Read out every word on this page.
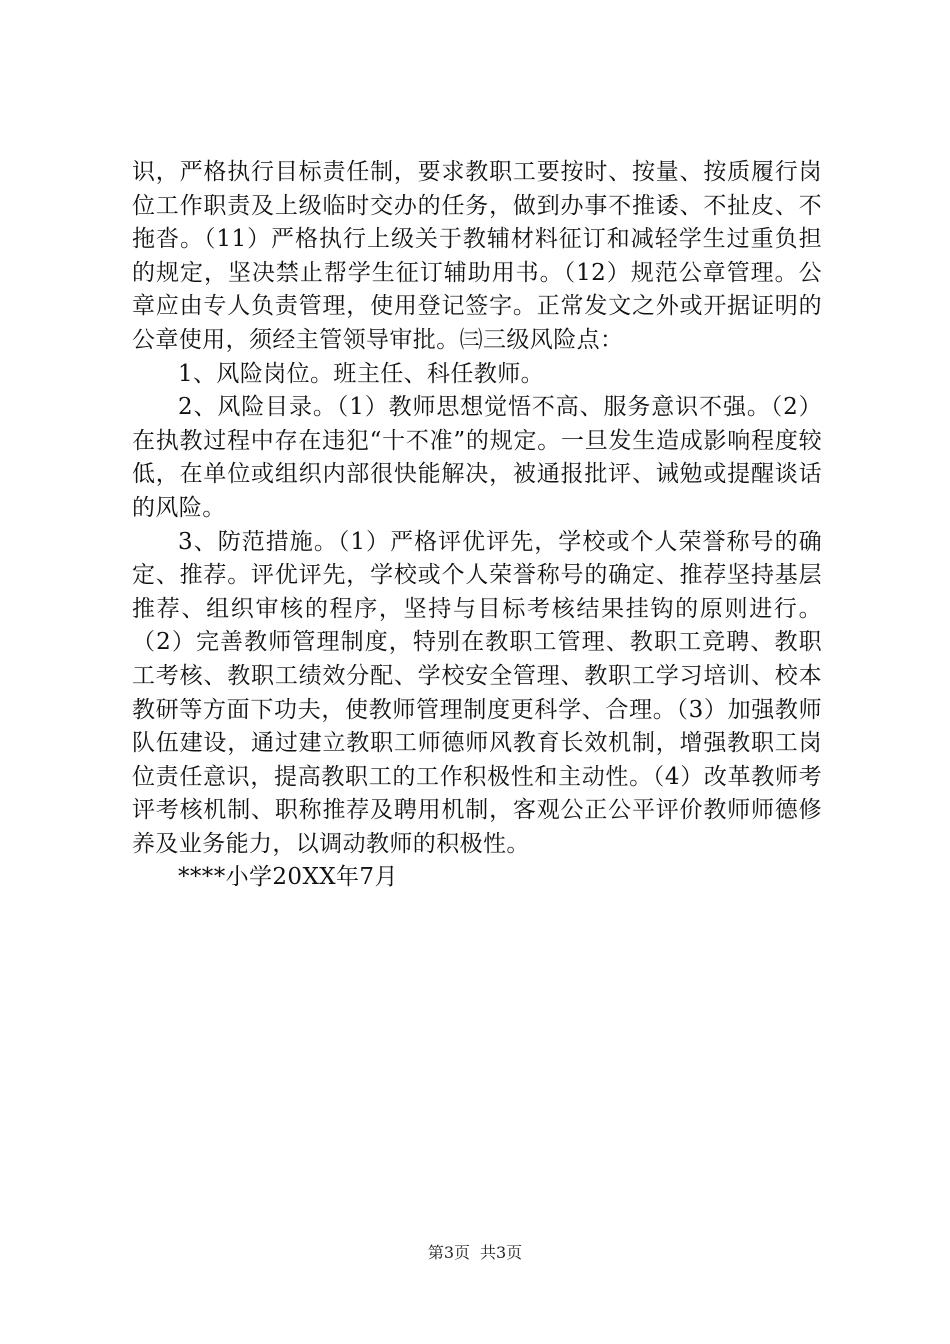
识，严格执行目标责任制，要求教职工要按时、按量、按质履行岗位工作职责及上级临时交办的任务，做到办事不推诿、不扯皮、不拖沓。（11）严格执行上级关于教辅材料征订和减轻学生过重负担的规定，坚决禁止帮学生征订辅助用书。（12）规范公章管理。公章应由专人负责管理，使用登记签字。正常发文之外或开据证明的公章使用，须经主管领导审批。㈢三级风险点：

1、风险岗位。班主任、科任教师。

2、风险目录。（1）教师思想觉悟不高、服务意识不强。（2）在执教过程中存在违犯“十不准”的规定。一旦发生造成影响程度较低，在单位或组织内部很快能解决，被通报批评、诫勉或提醒谈话的风险。

3、防范措施。（1）严格评优评先，学校或个人荣誉称号的确定、推荐。评优评先，学校或个人荣誉称号的确定、推荐坚持基层推荐、组织审核的程序，坚持与目标考核结果挂钩的原则进行。（2）完善教师管理制度，特别在教职工管理、教职工竞聘、教职工考核、教职工绩效分配、学校安全管理、教职工学习培训、校本教研等方面下功夫，使教师管理制度更科学、合理。（3）加强教师队伍建设，通过建立教职工师德师风教育长效机制，增强教职工岗位责任意识，提高教职工的工作积极性和主动性。（4）改革教师考评考核机制、职称推荐及聘用机制，客观公正公平评价教师师德修养及业务能力，以调动教师的积极性。

****小学20XX年7月

第3页 共3页
